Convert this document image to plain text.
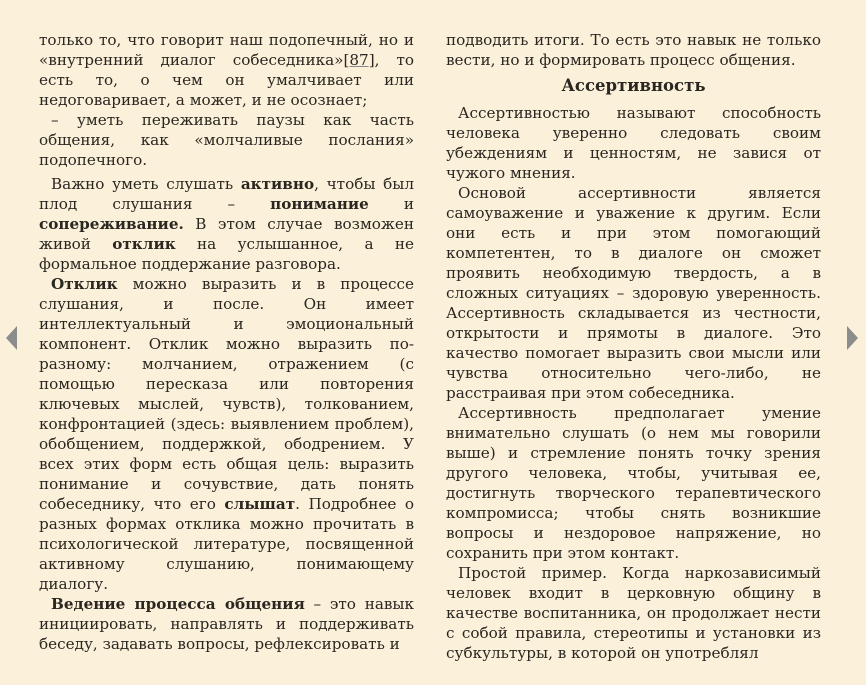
только то, что говорит наш подопечный, но и «внутренний диалог собеседника»[87], то есть то, о чем он умалчивает или недоговаривает, а может, и не осознает;

– уметь переживать паузы как часть общения, как «молчаливые послания» подопечного.

Важно уметь слушать активно, чтобы был плод слушания – понимание и сопереживание. В этом случае возможен живой отклик на услышанное, а не формальное поддержание разговора.

Отклик можно выразить и в процессе слушания, и после. Он имеет интеллектуальный и эмоциональный компонент. Отклик можно выразить по-разному: молчанием, отражением (с помощью пересказа или повторения ключевых мыслей, чувств), толкованием, конфронтацией (здесь: выявлением проблем), обобщением, поддержкой, ободрением. У всех этих форм есть общая цель: выразить понимание и сочувствие, дать понять собеседнику, что его слышат. Подробнее о разных формах отклика можно прочитать в психологической литературе, посвященной активному слушанию, понимающему диалогу.

Ведение процесса общения – это навык инициировать, направлять и поддерживать беседу, задавать вопросы, рефлексировать и

подводить итоги. То есть это навык не только вести, но и формировать процесс общения.

Ассертивность

Ассертивностью называют способность человека уверенно следовать своим убеждениям и ценностям, не завися от чужого мнения.

Основой ассертивности является самоуважение и уважение к другим. Если они есть и при этом помогающий компетентен, то в диалоге он сможет проявить необходимую твердость, а в сложных ситуациях – здоровую уверенность. Ассертивность складывается из честности, открытости и прямоты в диалоге. Это качество помогает выразить свои мысли или чувства относительно чего-либо, не расстраивая при этом собеседника.

Ассертивность предполагает умение внимательно слушать (о нем мы говорили выше) и стремление понять точку зрения другого человека, чтобы, учитывая ее, достигнуть творческого терапевтического компромисса; чтобы снять возникшие вопросы и нездоровое напряжение, но сохранить при этом контакт.

Простой пример. Когда наркозависимый человек входит в церковную общину в качестве воспитанника, он продолжает нести с собой правила, стереотипы и установки из субкультуры, в которой он употреблял
